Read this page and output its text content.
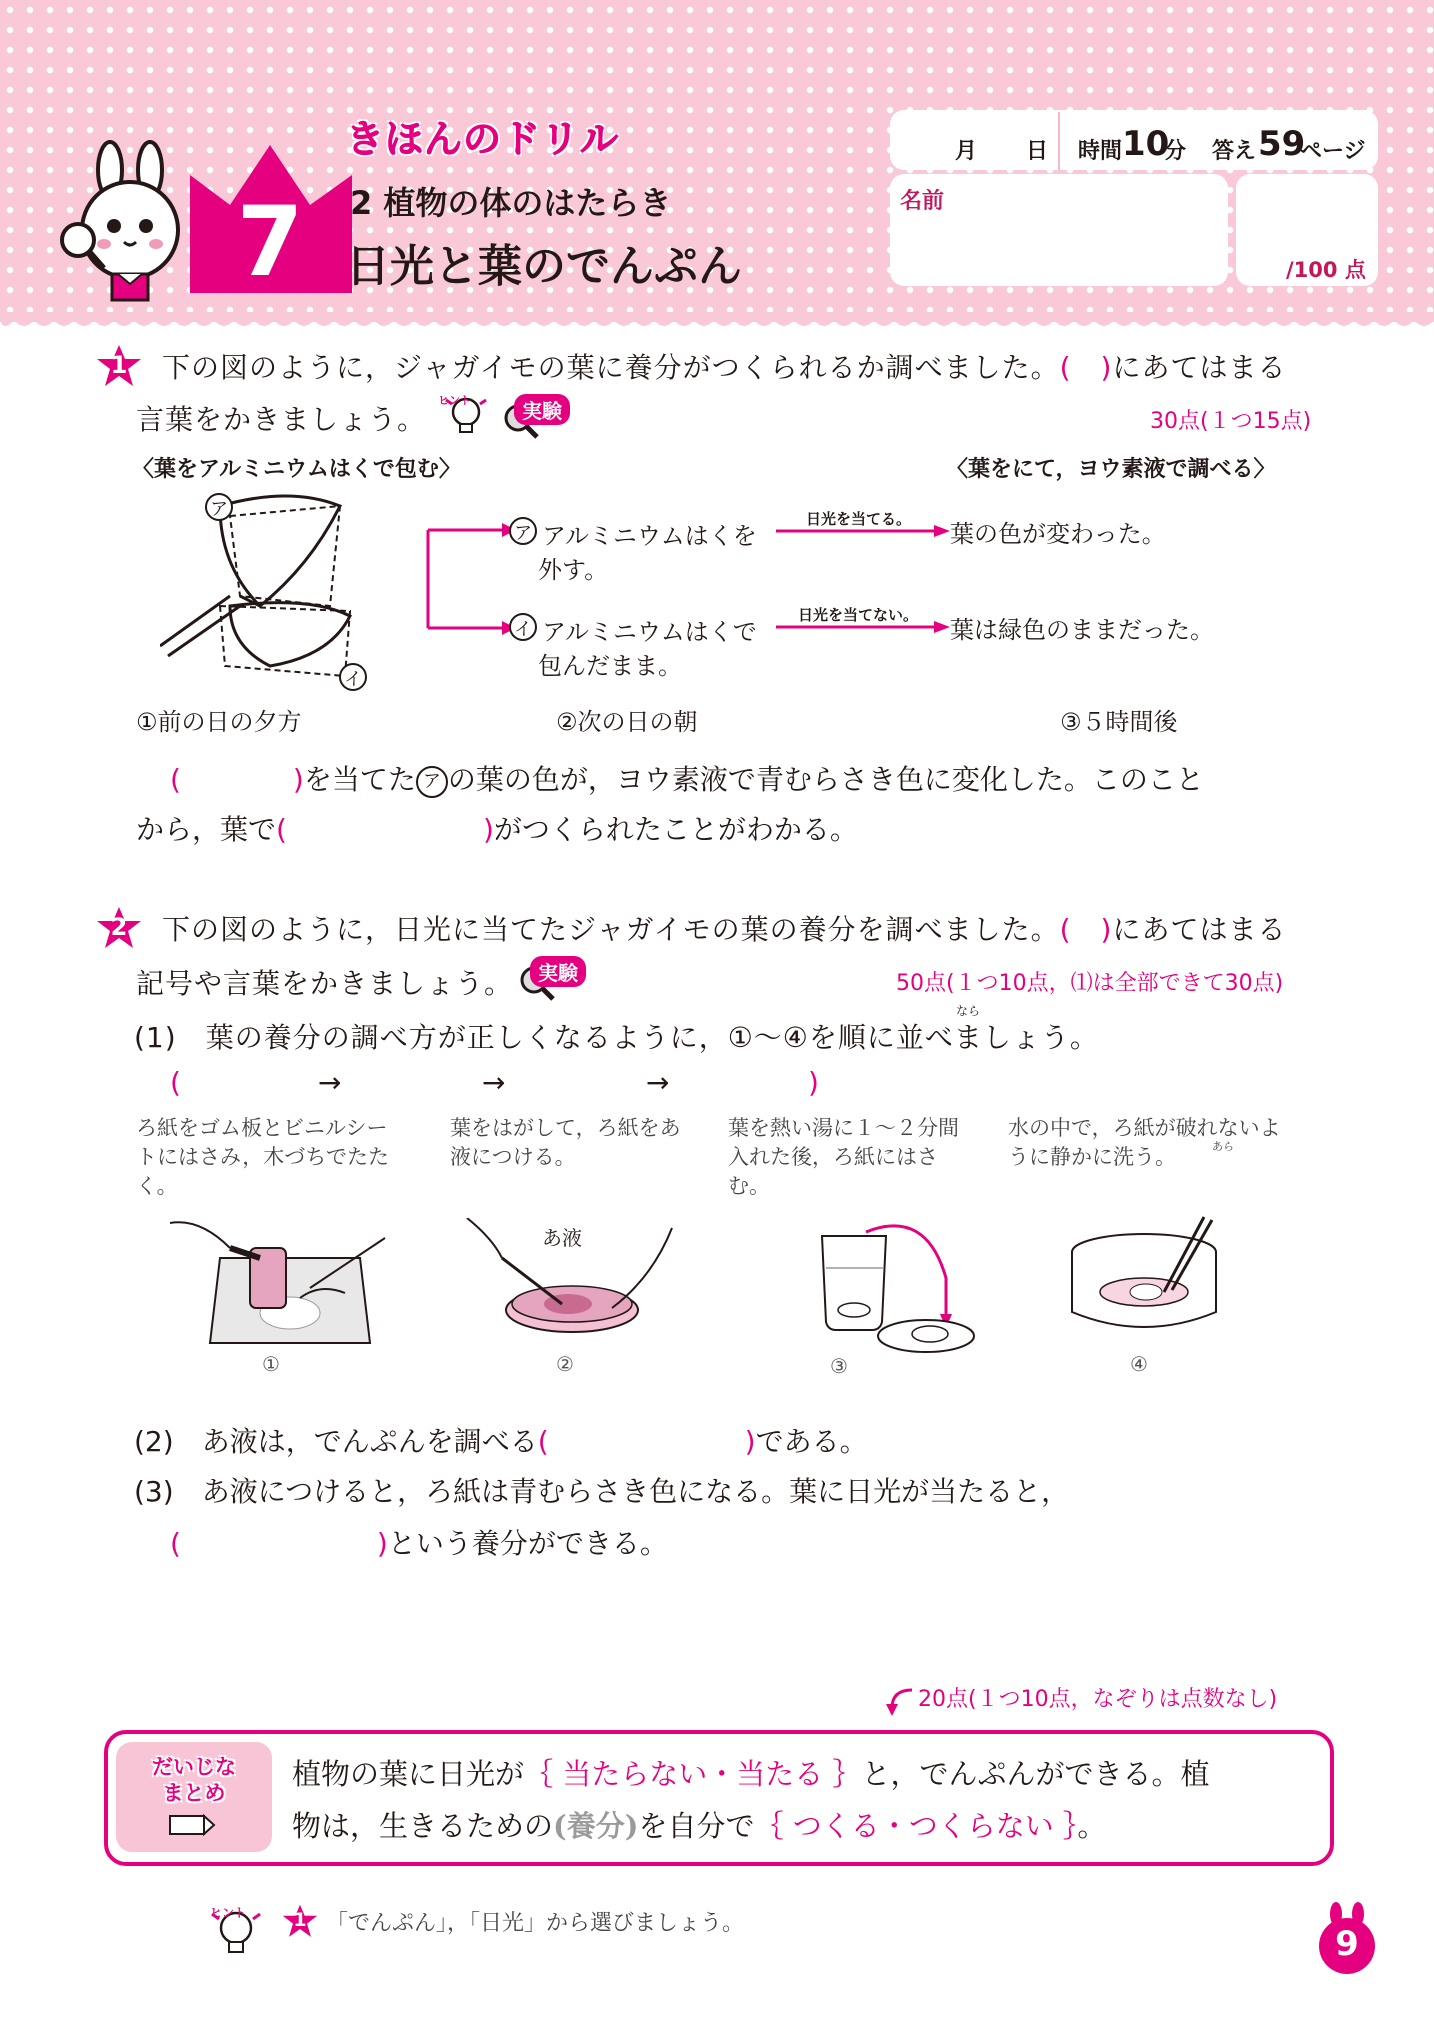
きほんのドリル
7	2 植物の体のはたらき
日光と葉のでんぷん
月 日 時間 10
分 答え 59
ページ
名前
/100 点
1 下の図のように，ジャガイモの葉に養分がつくられるか調べました。(　)にあてはまる
言葉をかきましょう。
ヒント	実験	30点(１つ15点)
〈葉をアルミニウムはくで包む〉	〈葉をにて，ヨウ素液で調べる〉
ア
イ
ア アルミニウムはくを
外す。
日光を当てる。
葉の色が変わった。
イ アルミニウムはくで
包んだまま。
日光を当てない。
葉は緑色のままだった。
①前の日の夕方	②次の日の朝	③５時間後
(　　　　)を当てた ア の葉の色が，ヨウ素液で青むらさき色に変化した。このこと
から，葉で(　　　　　　　)がつくられたことがわかる。
2 下の図のように，日光に当てたジャガイモの葉の養分を調べました。(　)にあてはまる
記号や言葉をかきましょう。	実験	50点(１つ10点，⑴は全部できて30点)
(1)　 葉の養分の調べ方が正しくなるように，①〜④を順に並べましょう。
なら
(	→	→	→	)
ろ紙をゴム板とビニルシートにはさみ，木づちでたたく。
葉をはがして，ろ紙をあ液につける。
葉を熱い湯に１〜２分間入れた後，ろ紙にはさむ。
水の中で，ろ紙が破れないように静かに洗う。	あら
①
あ液
②	③	④
(2)　 あ液は，でんぷんを調べる(　　　　　　　)である。
(3)　 あ液につけると，ろ紙は青むらさき色になる。葉に日光が当たると，
(　　　　　　　)という養分ができる。
20点(１つ10点，なぞりは点数なし)
だいじな
まとめ
植物の葉に日光が｛ 当たらない・当たる ｝と，でんぷんができる。植
物は，生きるための(養分)を自分で｛ つくる・つくらない ｝。
ヒント 1 「でんぷん」，「日光」から選びましょう。
9
